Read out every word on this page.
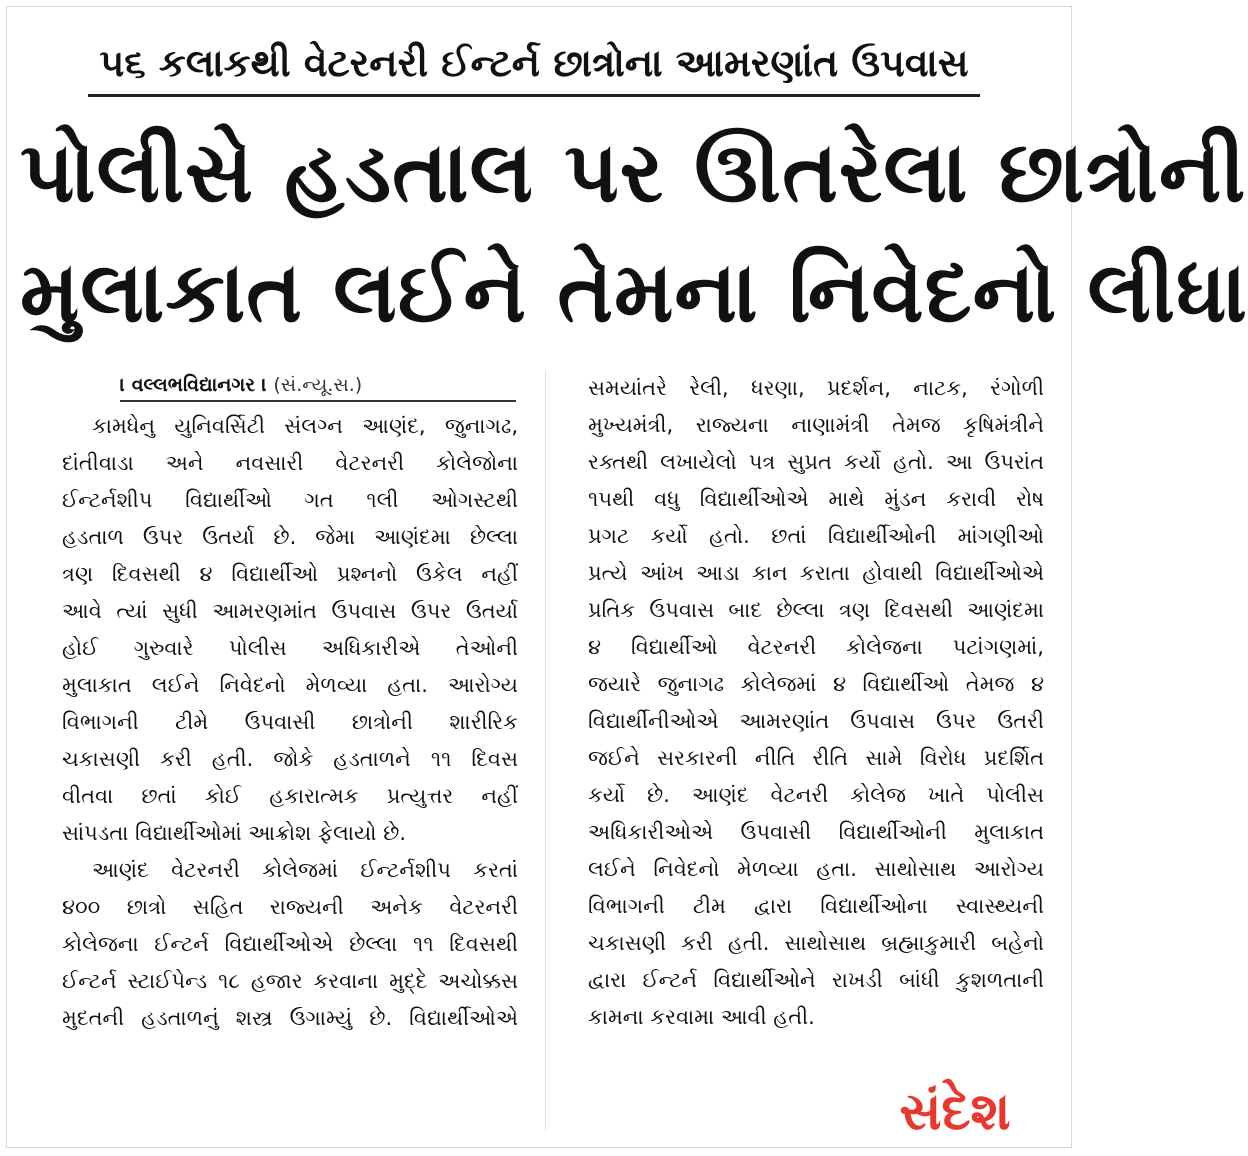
૫૬ કલાકથી વેટરનરી ઈન્ટર્ન છાત્રોના આમરણાંત ઉપવાસ
પોલીસે હડતાલ પર ઊતરેલા છાત્રોની
મુલાકાત લઈને તેમના નિવેદનો લીધા
। વલ્લભવિદ્યાનગર । (સં.ન્યૂ.સ.)
કામધેનુ યુનિવર્સિટી સંલગ્ન આણંદ, જુનાગઢ,
દાંતીવાડા અને નવસારી વેટરનરી કોલેજોના
ઈન્ટર્નશીપ વિદ્યાર્થીઓ ગત ૧લી ઓગસ્ટથી
હડતાળ ઉપર ઉતર્યા છે. જેમા આણંદમા છેલ્લા
ત્રણ દિવસથી ૪ વિદ્યાર્થીઓ પ્રશ્નનો ઉકેલ નહીં
આવે ત્યાં સુધી આમરણમાંત ઉપવાસ ઉપર ઉતર્યા
હોઈ ગુરુવારે પોલીસ અધિકારીએ તેઓની
મુલાકાત લઈને નિવેદનો મેળવ્યા હતા. આરોગ્ય
વિભાગની ટીમે ઉપવાસી છાત્રોની શારીરિક
ચકાસણી કરી હતી. જોકે હડતાળને ૧૧ દિવસ
વીતવા છતાં કોઈ હકારાત્મક પ્રત્યુત્તર નહીં
સાંપડતા વિદ્યાર્થીઓમાં આક્રોશ ફેલાયો છે.
આણંદ વેટરનરી કોલેજમાં ઈન્ટર્નશીપ કરતાં
૪૦૦ છાત્રો સહિત રાજ્યની અનેક વેટરનરી
કોલેજના ઈન્ટર્ન વિદ્યાર્થીઓએ છેલ્લા ૧૧ દિવસથી
ઈન્ટર્ન સ્ટાઈપેન્ડ ૧૮ હજાર કરવાના મુદ્દે અચોક્કસ
મુદતની હડતાળનું શસ્ત્ર ઉગામ્યું છે. વિદ્યાર્થીઓએ
સમયાંતરે રેલી, ધરણા, પ્રદર્શન, નાટક, રંગોળી
મુખ્યમંત્રી, રાજ્યના નાણામંત્રી તેમજ કૃષિમંત્રીને
રક્તથી લખાયેલો પત્ર સુપ્રત કર્યો હતો. આ ઉપરાંત
૧૫થી વધુ વિદ્યાર્થીઓએ માથે મુંડન કરાવી રોષ
પ્રગટ કર્યો હતો. છતાં વિદ્યાર્થીઓની માંગણીઓ
પ્રત્યે આંખ આડા કાન કરાતા હોવાથી વિદ્યાર્થીઓએ
પ્રતિક ઉપવાસ બાદ છેલ્લા ત્રણ દિવસથી આણંદમા
૪ વિદ્યાર્થીઓ વેટરનરી કોલેજના પટાંગણમાં,
જયારે જુનાગઢ કોલેજમાં ૪ વિદ્યાર્થીઓ તેમજ ૪
વિદ્યાર્થીનીઓએ આમરણાંત ઉપવાસ ઉપર ઉતરી
જઈને સરકારની નીતિ રીતિ સામે વિરોધ પ્રદર્શિત
કર્યો છે. આણંદ વેટનરી કોલેજ ખાતે પોલીસ
અધિકારીઓએ ઉપવાસી વિદ્યાર્થીઓની મુલાકાત
લઈને નિવેદનો મેળવ્યા હતા. સાથોસાથ આરોગ્ય
વિભાગની ટીમ દ્વારા વિદ્યાર્થીઓના સ્વાસ્થ્યની
ચકાસણી કરી હતી. સાથોસાથ બ્રહ્માકુમારી બહેનો
દ્વારા ઈન્ટર્ન વિદ્યાર્થીઓને રાખડી બાંધી કુશળતાની
કામના કરવામા આવી હતી.
સંદેશ
